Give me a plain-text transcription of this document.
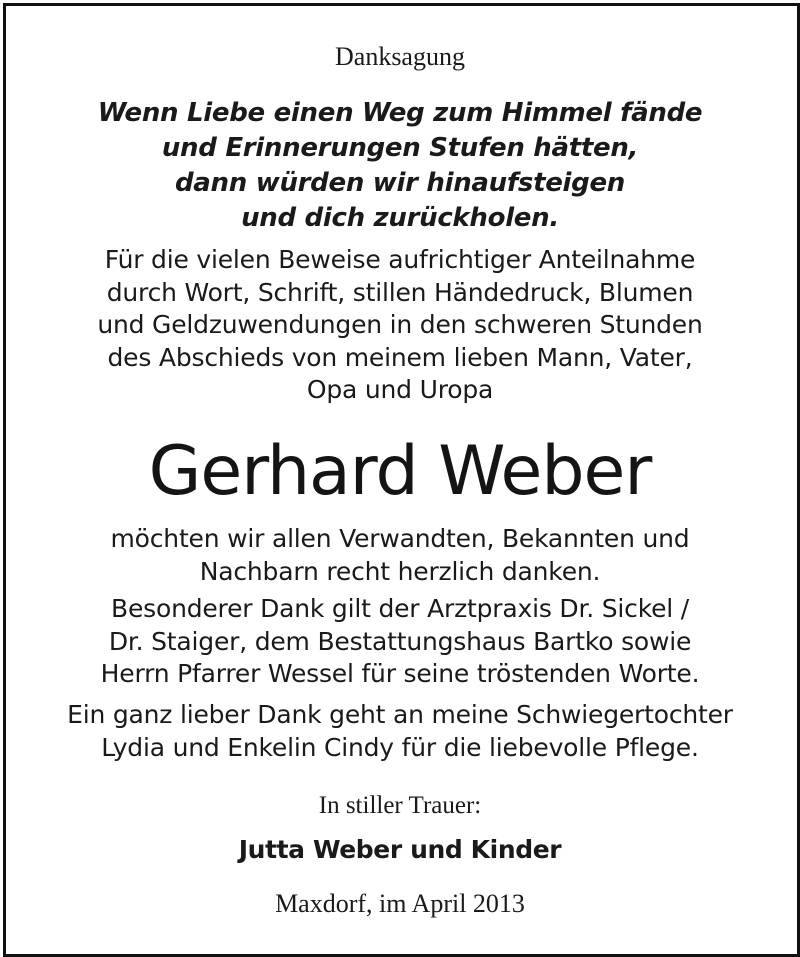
Danksagung
Wenn Liebe einen Weg zum Himmel fände
und Erinnerungen Stufen hätten,
dann würden wir hinaufsteigen
und dich zurückholen.
Für die vielen Beweise aufrichtiger Anteilnahme
durch Wort, Schrift, stillen Händedruck, Blumen
und Geldzuwendungen in den schweren Stunden
des Abschieds von meinem lieben Mann, Vater,
Opa und Uropa
Gerhard Weber
möchten wir allen Verwandten, Bekannten und
Nachbarn recht herzlich danken.
Besonderer Dank gilt der Arztpraxis Dr. Sickel /
Dr. Staiger, dem Bestattungshaus Bartko sowie
Herrn Pfarrer Wessel für seine tröstenden Worte.
Ein ganz lieber Dank geht an meine Schwiegertochter
Lydia und Enkelin Cindy für die liebevolle Pflege.
In stiller Trauer:
Jutta Weber und Kinder
Maxdorf, im April 2013
